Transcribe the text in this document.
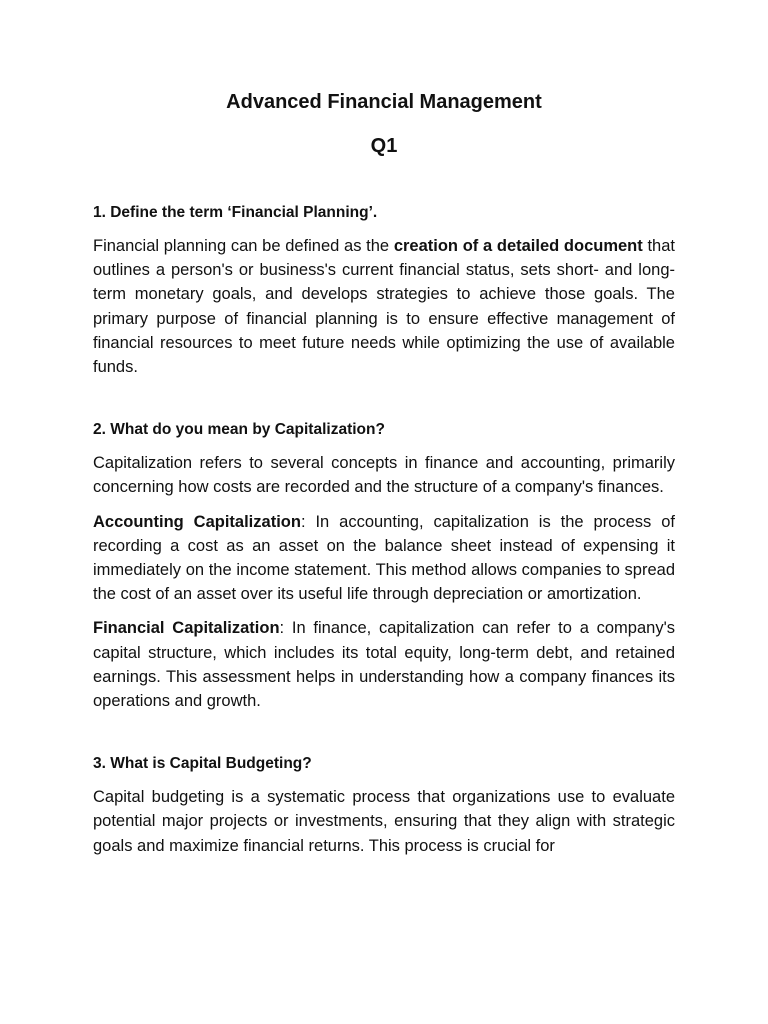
Advanced Financial Management
Q1
1. Define the term ‘Financial Planning’.

Financial planning can be defined as the creation of a detailed document that outlines a person's or business's current financial status, sets short- and long-term monetary goals, and develops strategies to achieve those goals. The primary purpose of financial planning is to ensure effective management of financial resources to meet future needs while optimizing the use of available funds.

2. What do you mean by Capitalization?

Capitalization refers to several concepts in finance and accounting, primarily concerning how costs are recorded and the structure of a company's finances.

Accounting Capitalization: In accounting, capitalization is the process of recording a cost as an asset on the balance sheet instead of expensing it immediately on the income statement. This method allows companies to spread the cost of an asset over its useful life through depreciation or amortization.

Financial Capitalization: In finance, capitalization can refer to a company's capital structure, which includes its total equity, long-term debt, and retained earnings. This assessment helps in understanding how a company finances its operations and growth.

3. What is Capital Budgeting?

Capital budgeting is a systematic process that organizations use to evaluate potential major projects or investments, ensuring that they align with strategic goals and maximize financial returns. This process is crucial for
